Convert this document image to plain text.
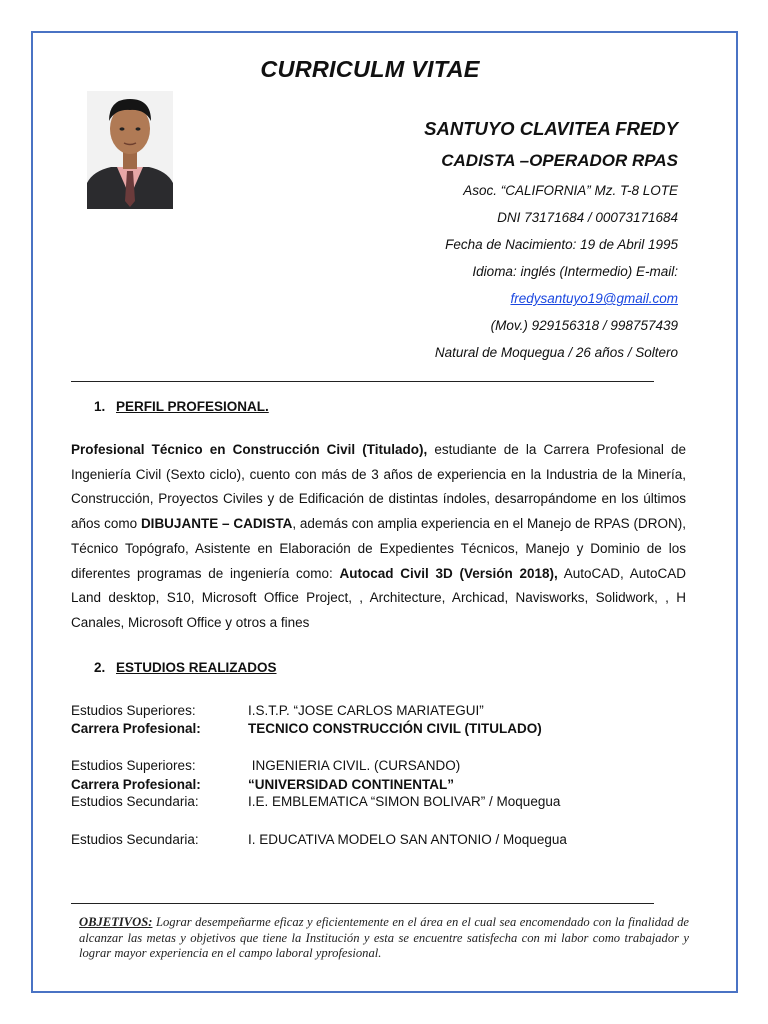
CURRICULM VITAE
SANTUYO CLAVITEA FREDY
CADISTA –OPERADOR RPAS
Asoc. “CALIFORNIA” Mz. T-8 LOTE
DNI 73171684 / 00073171684
Fecha de Nacimiento: 19 de Abril 1995
Idioma: inglés (Intermedio) E-mail:
fredysantuyo19@gmail.com
(Mov.) 929156318 / 998757439
Natural de Moquegua / 26 años / Soltero
1. PERFIL PROFESIONAL.
Profesional Técnico en Construcción Civil (Titulado), estudiante de la Carrera Profesional de Ingeniería Civil (Sexto ciclo), cuento con más de 3 años de experiencia en la Industria de la Minería, Construcción, Proyectos Civiles y de Edificación de distintas índoles, desarropándome en los últimos años como DIBUJANTE – CADISTA, además con amplia experiencia en el Manejo de RPAS (DRON), Técnico Topógrafo, Asistente en Elaboración de Expedientes Técnicos, Manejo y Dominio de los diferentes programas de ingeniería como: Autocad Civil 3D (Versión 2018), AutoCAD, AutoCAD Land desktop, S10, Microsoft Office Project, , Architecture, Archicad, Navisworks, Solidwork, , H Canales, Microsoft Office y otros a fines
2. ESTUDIOS REALIZADOS
Estudios Superiores:	I.S.T.P. “JOSE CARLOS MARIATEGUI”
Carrera Profesional:	TECNICO CONSTRUCCIÓN CIVIL (TITULADO)
Estudios Superiores:	INGENIERIA CIVIL. (CURSANDO)
Carrera Profesional:	“UNIVERSIDAD CONTINENTAL”
Estudios Secundaria:	I.E. EMBLEMATICA “SIMON BOLIVAR” / Moquegua
Estudios Secundaria:	I. EDUCATIVA MODELO SAN ANTONIO / Moquegua
OBJETIVOS: Lograr desempeñarme eficaz y eficientemente en el área en el cual sea encomendado con la finalidad de alcanzar las metas y objetivos que tiene la Institución y esta se encuentre satisfecha con mi labor como trabajador y lograr mayor experiencia en el campo laboral yprofesional.
